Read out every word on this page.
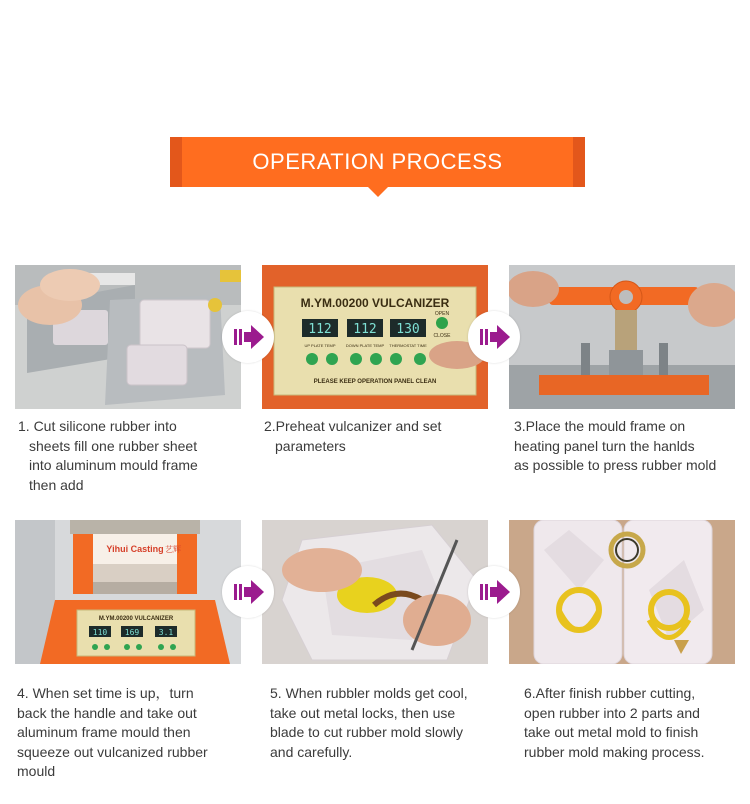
OPERATION PROCESS
M.YM.00200 VULCANIZER
112 112 130
UP PLATE TEMP	DOWN PLATE TEMP THERMOSTAT TIME
OPEN
CLOSE
PLEASE KEEP OPERATION PANEL CLEAN
1. Cut silicone rubber into
sheets fill one rubber sheet
into aluminum mould frame
then add
2.Preheat vulcanizer and set
parameters
3.Place the mould frame on
heating panel turn the hanlds
as possible to press rubber mold
Yihui Casting 艺辉
M.YM.00200 VULCANIZER
110 169 3.1
4. When set time is up，turn
back the handle and take out
aluminum frame mould then
squeeze out vulcanized rubber
mould
5. When rubbler molds get cool,
take out metal locks, then use
blade to cut rubber mold slowly
and carefully.
6.After finish rubber cutting,
open rubber into 2 parts and
take out metal mold to finish
rubber mold making process.
